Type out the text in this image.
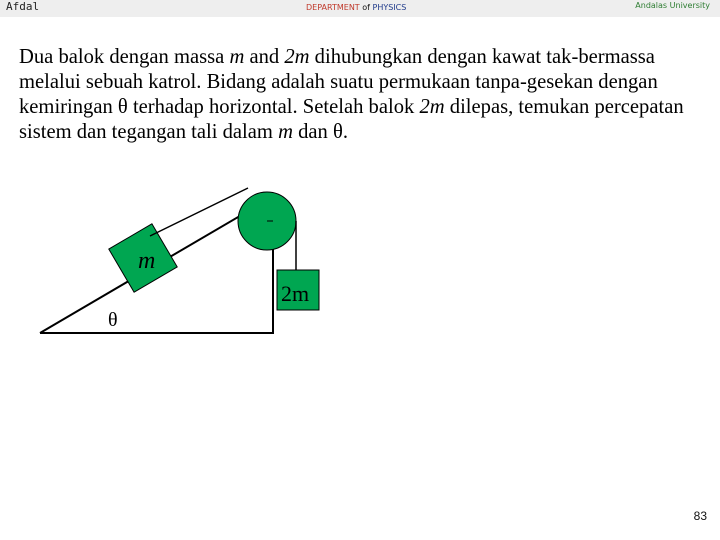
Afdal	DEPARTMENT of PHYSICS	Andalas University

Dua balok dengan massa m and 2m dihubungkan dengan kawat tak-bermassa melalui sebuah katrol. Bidang adalah suatu permukaan tanpa-gesekan dengan kemiringan θ terhadap horizontal. Setelah balok 2m dilepas, temukan percepatan sistem dan tegangan tali dalam m dan θ.

m
2m
θ
83
